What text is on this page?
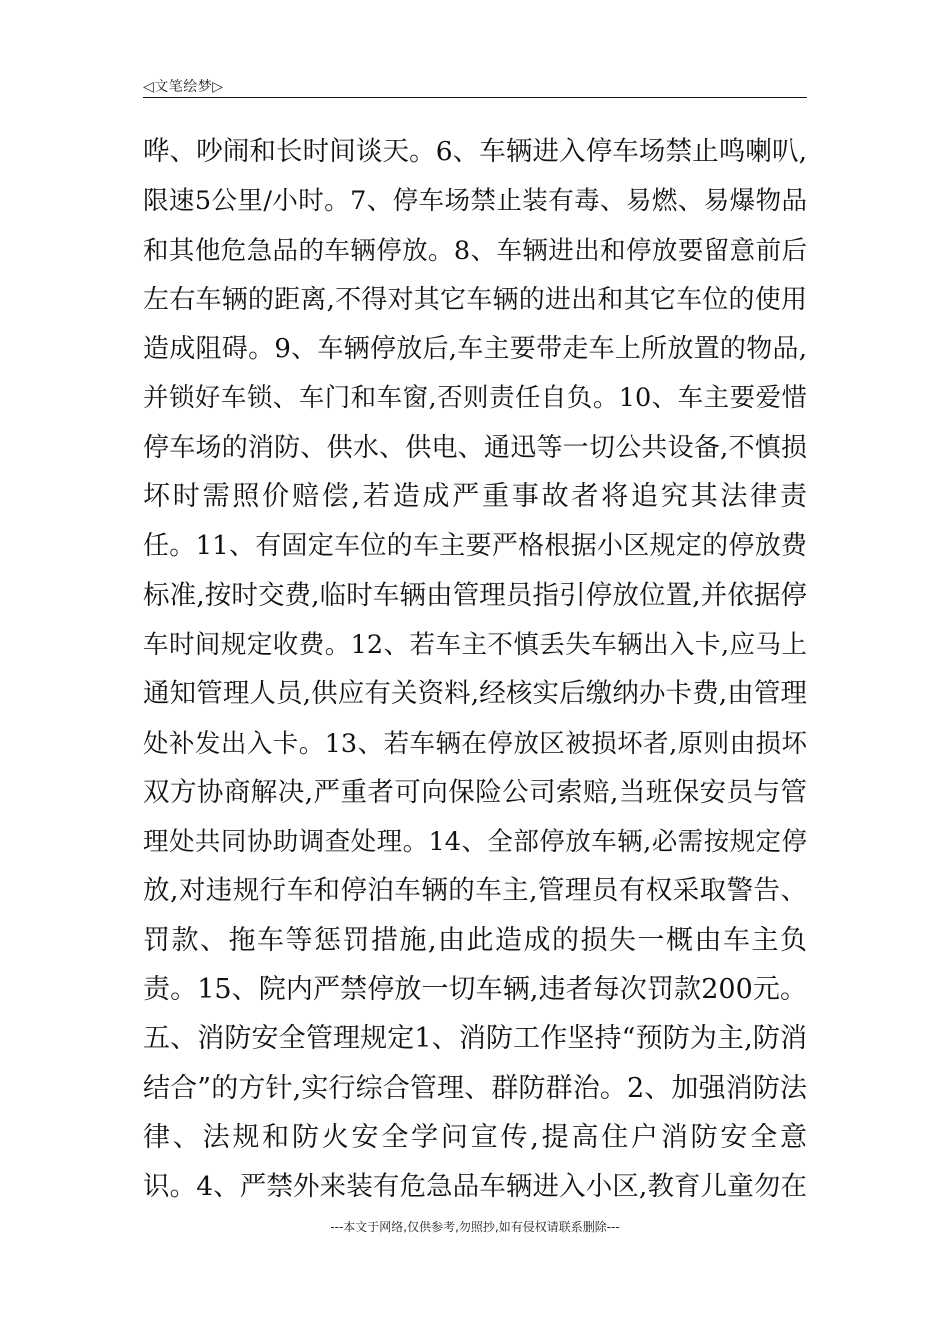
◁文笔绘梦▷
哗、吵闹和长时间谈天。6、车辆进入停车场禁止鸣喇叭,
限速5公里/小时。7、停车场禁止装有毒、易燃、易爆物品
和其他危急品的车辆停放。8、车辆进出和停放要留意前后
左右车辆的距离,不得对其它车辆的进出和其它车位的使用
造成阻碍。9、车辆停放后,车主要带走车上所放置的物品,
并锁好车锁、车门和车窗,否则责任自负。10、车主要爱惜
停车场的消防、供水、供电、通迅等一切公共设备,不慎损
坏时需照价赔偿,若造成严重事故者将追究其法律责
任。11、有固定车位的车主要严格根据小区规定的停放费
标准,按时交费,临时车辆由管理员指引停放位置,并依据停
车时间规定收费。12、若车主不慎丢失车辆出入卡,应马上
通知管理人员,供应有关资料,经核实后缴纳办卡费,由管理
处补发出入卡。13、若车辆在停放区被损坏者,原则由损坏
双方协商解决,严重者可向保险公司索赔,当班保安员与管
理处共同协助调查处理。14、全部停放车辆,必需按规定停
放,对违规行车和停泊车辆的车主,管理员有权采取警告、
罚款、拖车等惩罚措施,由此造成的损失一概由车主负
责。15、院内严禁停放一切车辆,违者每次罚款200元。
五、消防安全管理规定1、消防工作坚持“预防为主,防消
结合”的方针,实行综合管理、群防群治。2、加强消防法
律、法规和防火安全学问宣传,提高住户消防安全意
识。4、严禁外来装有危急品车辆进入小区,教育儿童勿在
---本文于网络,仅供参考,勿照抄,如有侵权请联系删除---
